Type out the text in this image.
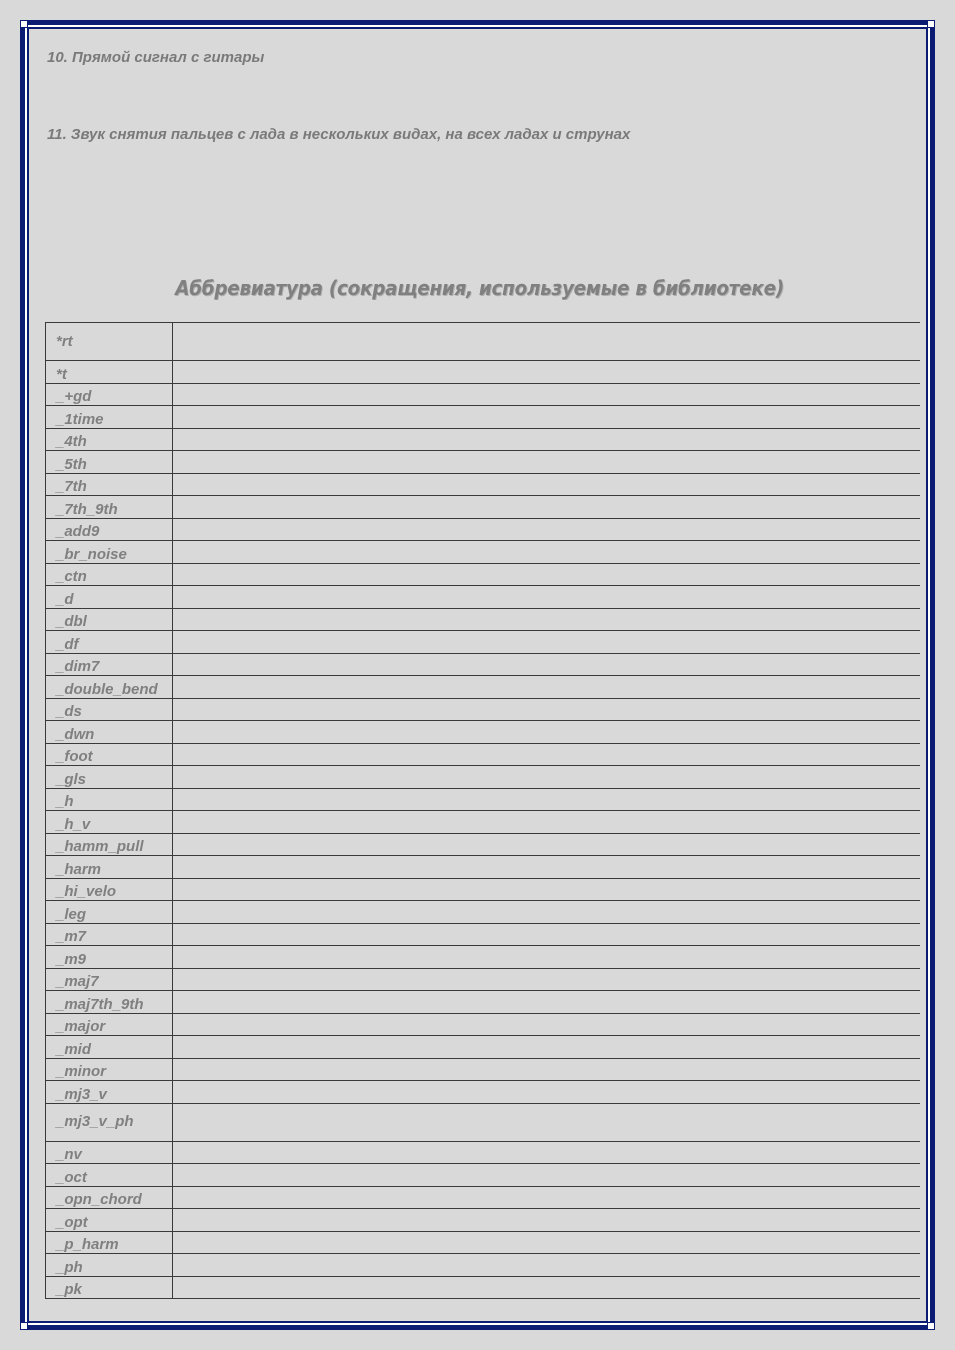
10. Прямой сигнал с гитары
11. Звук снятия пальцев с лада в нескольких видах, на всех ладах и струнах
Аббревиатура (сокращения, используемые в библиотеке)
*rt	
*t	
_+gd	
_1time	
_4th	
_5th	
_7th	
_7th_9th	
_add9	
_br_noise	
_ctn	
_d	
_dbl	
_df	
_dim7	
_double_bend	
_ds	
_dwn	
_foot	
_gls	
_h	
_h_v	
_hamm_pull	
_harm	
_hi_velo	
_leg	
_m7	
_m9	
_maj7	
_maj7th_9th	
_major	
_mid	
_minor	
_mj3_v	
_mj3_v_ph	
_nv	
_oct	
_opn_chord	
_opt	
_p_harm	
_ph	
_pk	
